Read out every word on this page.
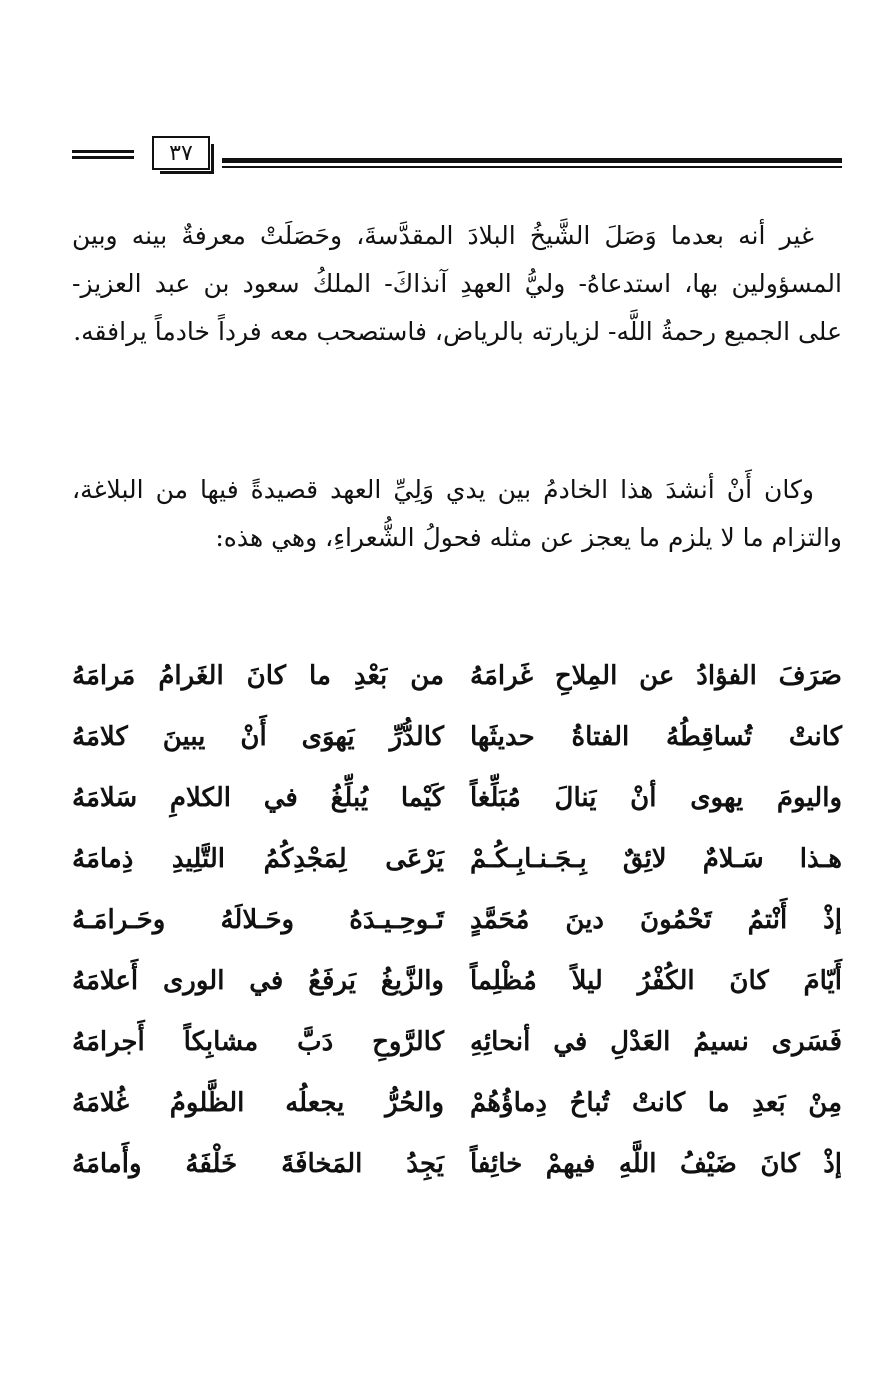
٣٧

غير أنه بعدما وَصَلَ الشَّيخُ البلادَ المقدَّسةَ، وحَصَلَتْ معرفةٌ بينه وبين المسؤولين بها، استدعاهُ- وليُّ العهدِ آنذاكَ- الملكُ سعود بن عبد العزيز- على الجميع رحمةُ اللَّه- لزيارته بالرياض، فاستصحب معه فرداً خادماً يرافقه.

وكان أَنْ أنشدَ هذا الخادمُ بين يدي وَلِيِّ العهد قصيدةً فيها من البلاغة، والتزام ما لا يلزم ما يعجز عن مثله فحولُ الشُّعراءِ، وهي هذه:

صَرَفَ الفؤادُ عن المِلاحِ غَرامَهُ
من بَعْدِ ما كانَ الغَرامُ مَرامَهُ
كانتْ تُساقِطُهُ الفتاةُ حديثَها
كالدُّرِّ يَهوَى أَنْ يبينَ كلامَهُ
واليومَ يهوى أنْ يَنالَ مُبَلِّغاً
كَيْما يُبلِّغُ في الكلامِ سَلامَهُ
هـذا سَـلامٌ لائِقٌ بِـجَـنـابِـكُـمْ
يَرْعَى لِمَجْدِكُمُ التَّلِيدِ ذِمامَهُ
إذْ أَنْتمُ تَحْمُونَ دينَ مُحَمَّدٍ
تَـوحِـيـدَهُ وحَـلالَهُ وحَـرامَـهُ
أَيّامَ كانَ الكُفْرُ ليلاً مُظْلِماً
والزَّيغُ يَرفَعُ في الورى أَعلامَهُ
فَسَرى نسيمُ العَدْلِ في أنحائِهِ
كالرَّوحِ دَبَّ مشابِكاً أَجرامَهُ
مِنْ بَعدِ ما كانتْ تُباحُ دِماؤُهُمْ
والحُرُّ يجعلُه الظَّلومُ غُلامَهُ
إذْ كانَ ضَيْفُ اللَّهِ فيهمْ خائِفاً
يَجِدُ المَخافَةَ خَلْفَهُ وأَمامَهُ
